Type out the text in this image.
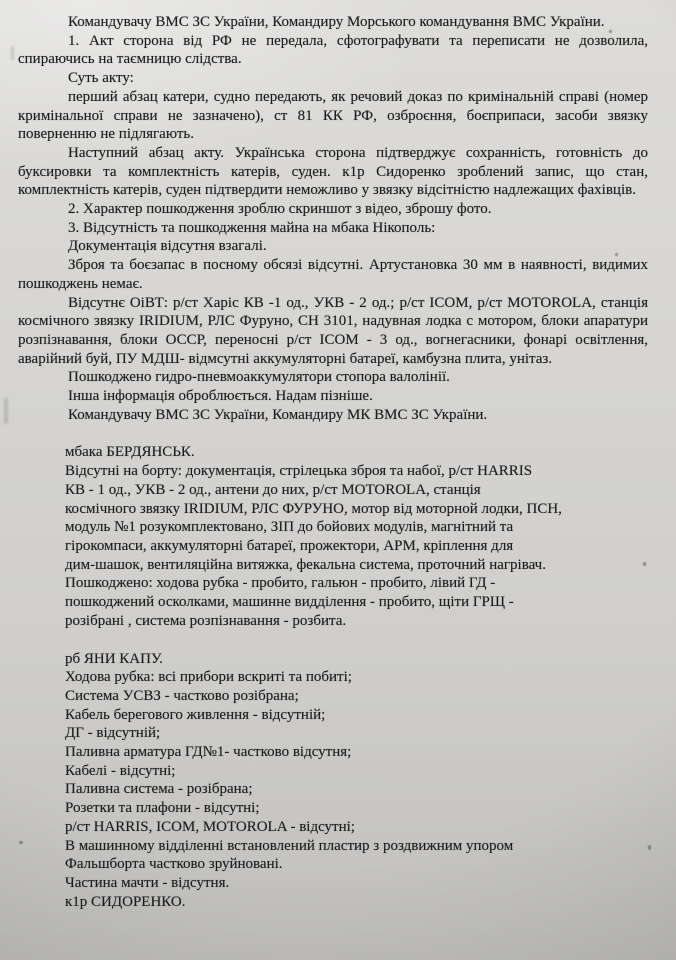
Командувачу ВМС ЗС України, Командиру Морського командування ВМС України.

1. Акт сторона від РФ не передала, сфотографувати та переписати не дозволила, спираючись на таємницю слідства.

Суть акту:

перший абзац катери, судно передають, як речовий доказ по кримінальній справі (номер кримінальної справи не зазначено), ст 81 КК РФ, озброєння, боєприпаси, засоби звязку поверненню не підлягають.

Наступний абзац акту. Українська сторона підтверджує сохранність, готовність до буксировки та комплектність катерів, суден. к1р Сидоренко зроблений запис, що стан, комплектність катерів, суден підтвердити неможливо у звязку відсітністю надлежащих фахівців.

2. Характер пошкодження зроблю скриншот з відео, зброшу фото.

3. Відсутність та пошкодження майна на мбака Нікополь:

Документація відсутня взагалі.

Зброя та боєзапас в посному обсязі відсутні. Артустановка 30 мм в наявності, видимих пошкоджень немає.

Відсутнє ОіВТ: р/ст Харіс КВ -1 од., УКВ - 2 од.; р/ст ICOM, р/ст MOTOROLA, станція космічного звязку IRIDIUM, РЛС Фуруно, СН 3101, надувная лодка с мотором, блоки апаратури розпізнавання, блоки ОССР, переносні р/ст ICOM - 3 од., вогнегасники, фонарі освітлення, аварійний буй, ПУ МДШ- відмсутні аккумуляторні батареї, камбузна плита, унітаз.

Пошкоджено гидро-пневмоаккумулятори стопора валолінії.

Інша інформація оброблюється. Надам пізніше.

Командувачу ВМС ЗС України, Командиру МК ВМС ЗС України.

мбака БЕРДЯНСЬК.

Відсутні на борту: документація, стрілецька зброя та набої, р/ст HARRIS
КВ - 1 од., УКВ - 2 од., антени до них, р/ст MOTOROLA, станція
космічного звязку IRIDIUM, РЛС ФУРУНО, мотор від моторной лодки, ПСН,
модуль №1 розукомплектовано, ЗІП до бойових модулів, магнітний та
гірокомпаси, аккумуляторні батареї, прожектори, АРМ, кріплення для
дим-шашок, вентиляційна витяжка, фекальна система, проточний нагрівач.

Пошкоджено: ходова рубка - пробито, гальюн - пробито, лівий ГД -
пошкоджений осколками, машинне видділення - пробито, щіти ГРЩ -
розібрані , система розпізнавання - розбита.

рб ЯНИ КАПУ.

Ходова рубка: всі прибори вскриті та побиті;
Система УСВЗ - частково розібрана;
Кабель берегового живлення - відсутній;
ДГ - відсутній;
Паливна арматура ГД№1- частково відсутня;
Кабелі - відсутні;
Паливна система - розібрана;
Розетки та плафони - відсутні;
р/ст HARRIS, ICOM, MOTOROLA - відсутні;
В машинному відділенні встановлений пластир з роздвижним упором
Фальшборта частково зруйновані.
Частина мачти - відсутня.
к1р СИДОРЕНКО.
